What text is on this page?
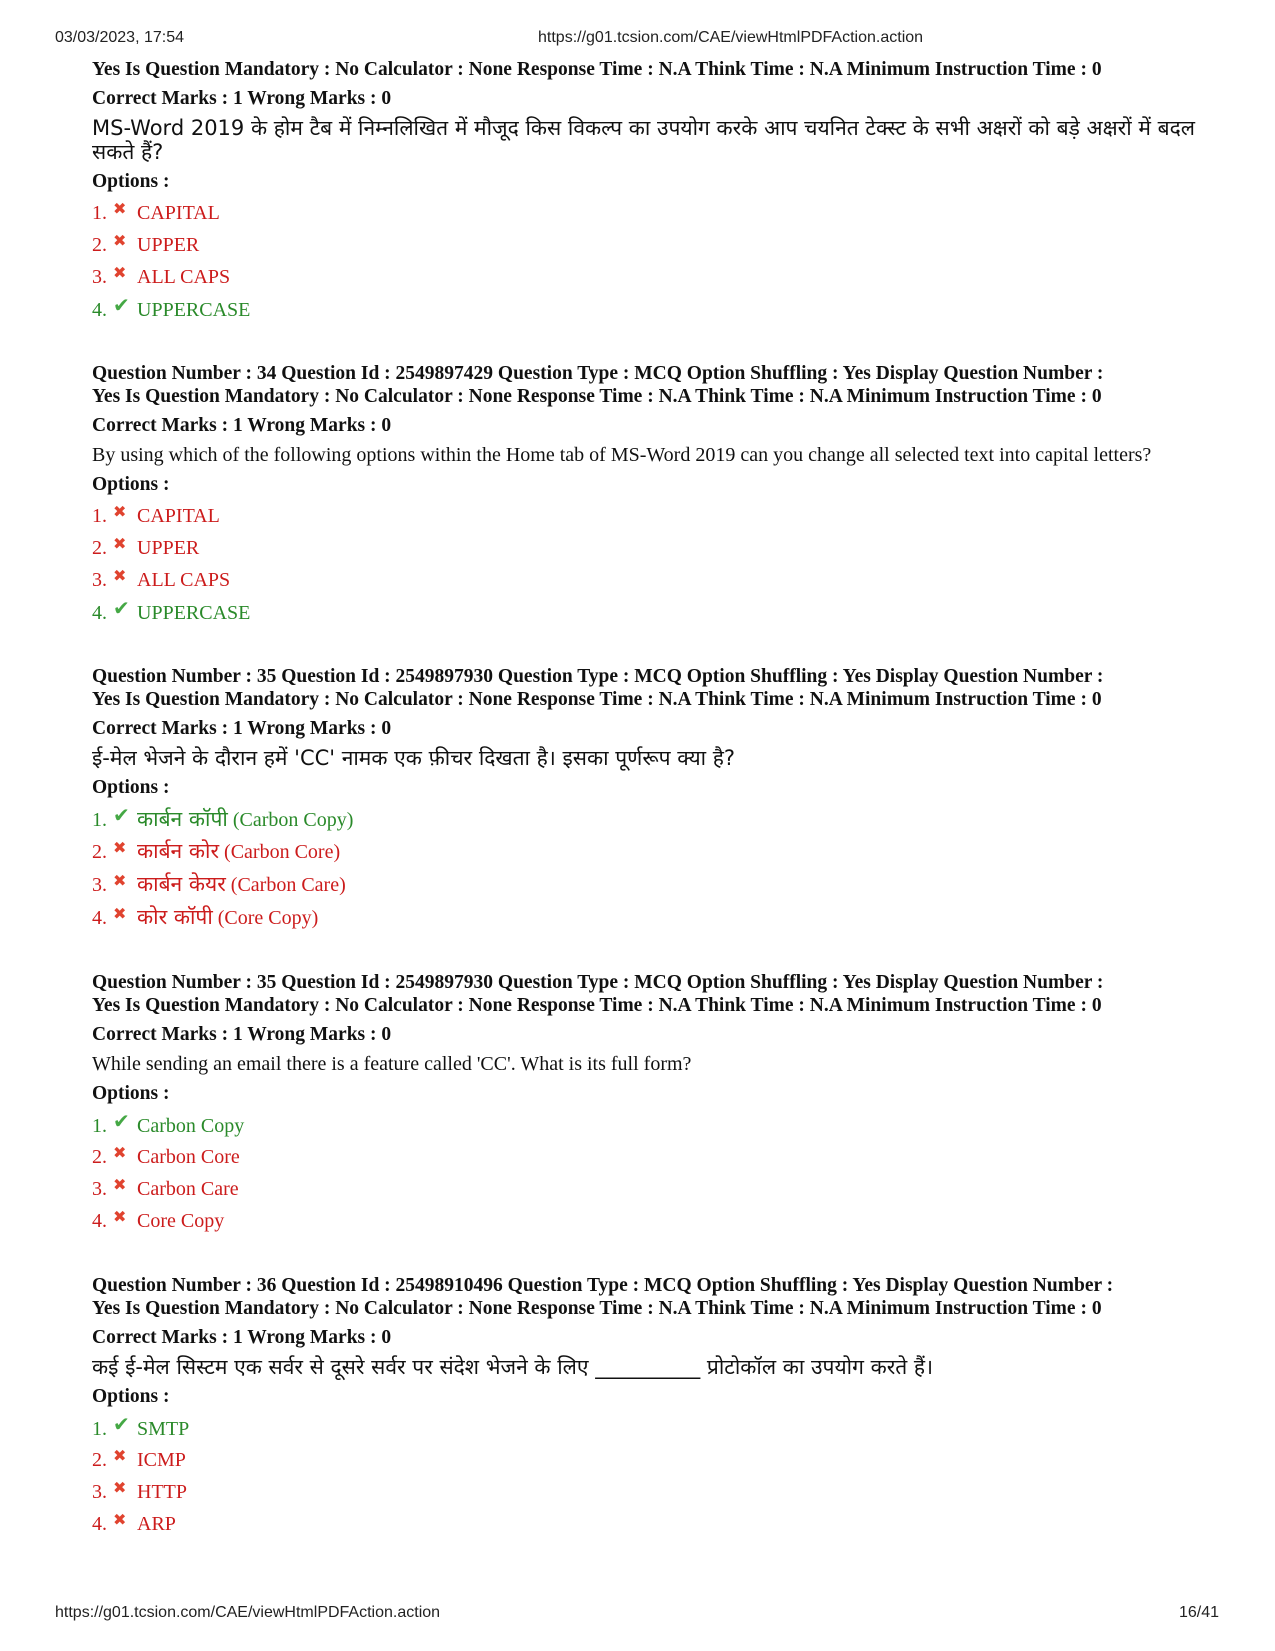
03/03/2023, 17:54	https://g01.tcsion.com/CAE/viewHtmlPDFAction.action
Yes Is Question Mandatory : No Calculator : None Response Time : N.A Think Time : N.A Minimum Instruction Time : 0
Correct Marks : 1 Wrong Marks : 0
MS-Word 2019 के होम टैब में निम्नलिखित में मौजूद किस विकल्प का उपयोग करके आप चयनित टेक्स्ट के सभी अक्षरों को बड़े अक्षरों में बदल सकते हैं?
Options :
1. ✖ CAPITAL
2. ✖ UPPER
3. ✖ ALL CAPS
4. ✔ UPPERCASE
Question Number : 34 Question Id : 2549897429 Question Type : MCQ Option Shuffling : Yes Display Question Number :
Yes Is Question Mandatory : No Calculator : None Response Time : N.A Think Time : N.A Minimum Instruction Time : 0
Correct Marks : 1 Wrong Marks : 0
By using which of the following options within the Home tab of MS-Word 2019 can you change all selected text into capital letters?
Options :
1. ✖ CAPITAL
2. ✖ UPPER
3. ✖ ALL CAPS
4. ✔ UPPERCASE
Question Number : 35 Question Id : 2549897930 Question Type : MCQ Option Shuffling : Yes Display Question Number :
Yes Is Question Mandatory : No Calculator : None Response Time : N.A Think Time : N.A Minimum Instruction Time : 0
Correct Marks : 1 Wrong Marks : 0
ई-मेल भेजने के दौरान हमें 'CC' नामक एक फ़ीचर दिखता है। इसका पूर्णरूप क्या है?
Options :
1. ✔ कार्बन कॉपी (Carbon Copy)
2. ✖ कार्बन कोर (Carbon Core)
3. ✖ कार्बन केयर (Carbon Care)
4. ✖ कोर कॉपी (Core Copy)
Question Number : 35 Question Id : 2549897930 Question Type : MCQ Option Shuffling : Yes Display Question Number :
Yes Is Question Mandatory : No Calculator : None Response Time : N.A Think Time : N.A Minimum Instruction Time : 0
Correct Marks : 1 Wrong Marks : 0
While sending an email there is a feature called 'CC'. What is its full form?
Options :
1. ✔ Carbon Copy
2. ✖ Carbon Core
3. ✖ Carbon Care
4. ✖ Core Copy
Question Number : 36 Question Id : 25498910496 Question Type : MCQ Option Shuffling : Yes Display Question Number :
Yes Is Question Mandatory : No Calculator : None Response Time : N.A Think Time : N.A Minimum Instruction Time : 0
Correct Marks : 1 Wrong Marks : 0
कई ई-मेल सिस्टम एक सर्वर से दूसरे सर्वर पर संदेश भेजने के लिए __________ प्रोटोकॉल का उपयोग करते हैं।
Options :
1. ✔ SMTP
2. ✖ ICMP
3. ✖ HTTP
4. ✖ ARP
https://g01.tcsion.com/CAE/viewHtmlPDFAction.action	16/41
